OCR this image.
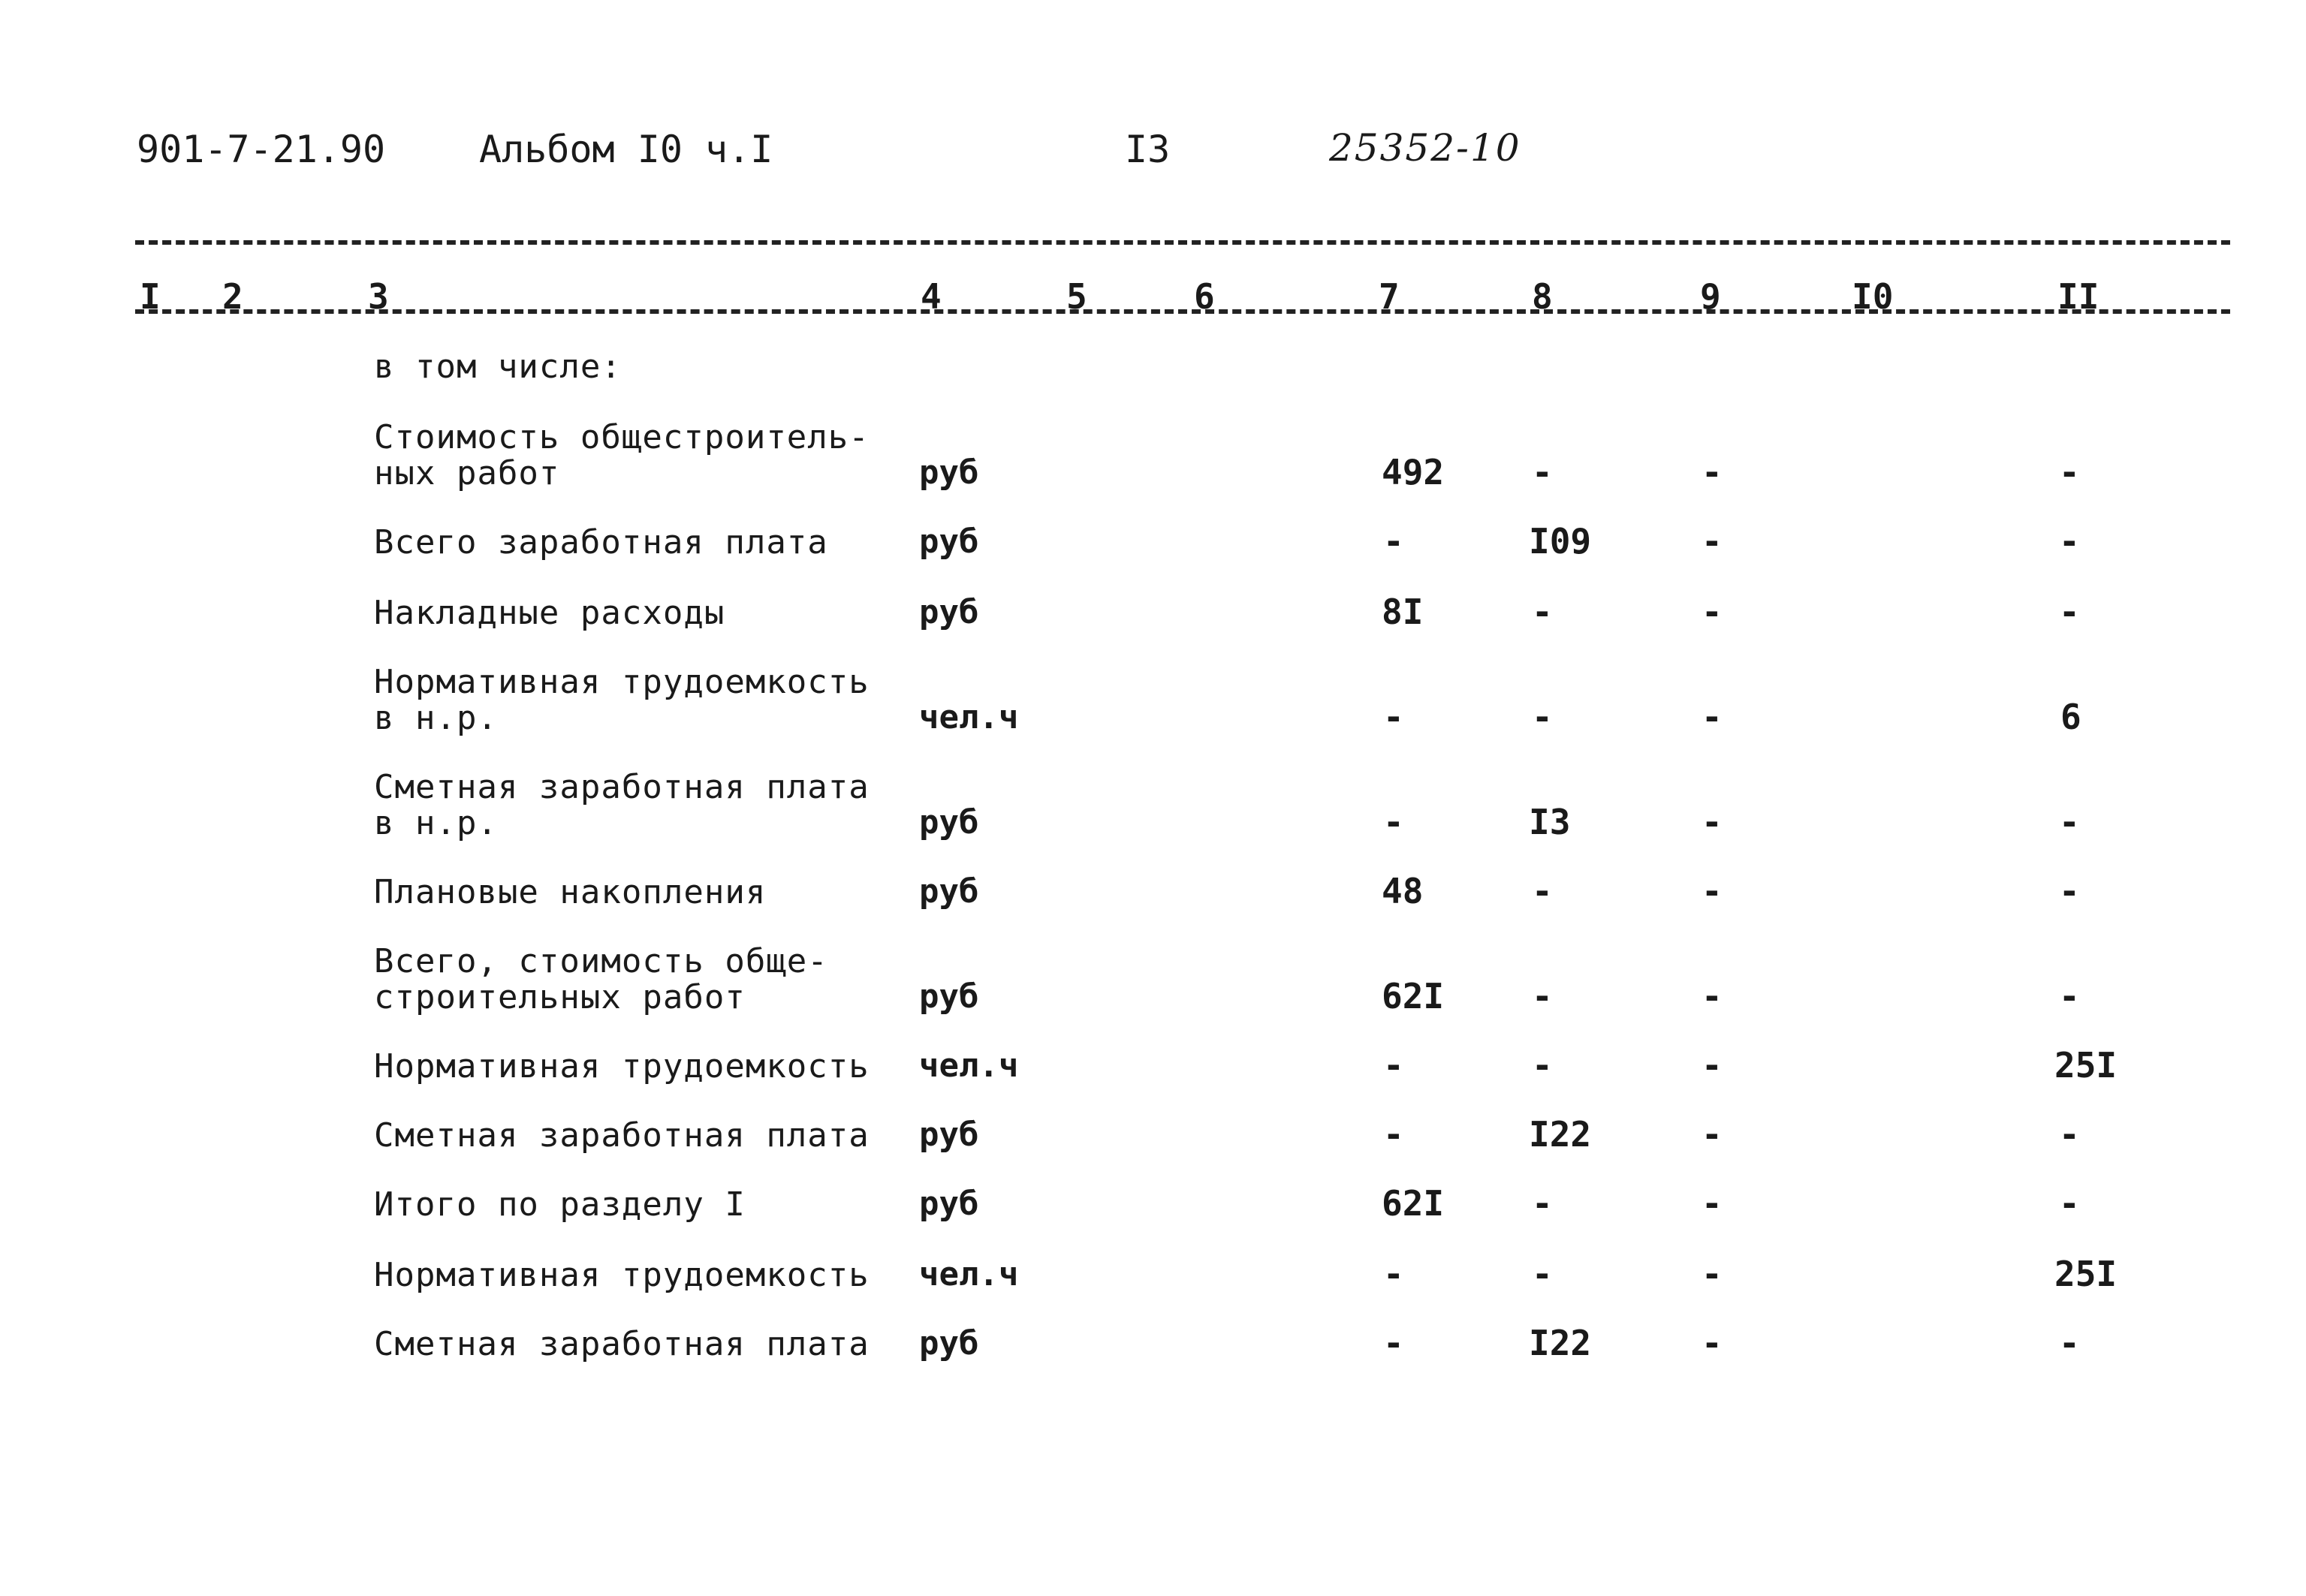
901-7-21.90 Альбом I0 ч.I	I3	25352-10
I 2	3	4	5	6	7	8	9	I0	II
в том числе:
Стоимость общестроитель-
ных работ	руб	492	-	-	-
Всего заработная плата	руб	-	I09	-	-
Накладные расходы	руб	8I	-	-	-
Нормативная трудоемкость
в н.р.	чел.ч	-	-	-	6
Сметная заработная плата
в н.р.	руб	-	I3	-	-
Плановые накопления	руб	48	-	-	-
Всего, стоимость обще-
строительных работ	руб	62I	-	-	-
Нормативная трудоемкость чел.ч	-	-	-	25I
Сметная заработная плата руб	-	I22	-	-
Итого по разделу I	руб	62I	-	-	-
Нормативная трудоемкость чел.ч	-	-	-	25I
Сметная заработная плата руб	-	I22	-	-
